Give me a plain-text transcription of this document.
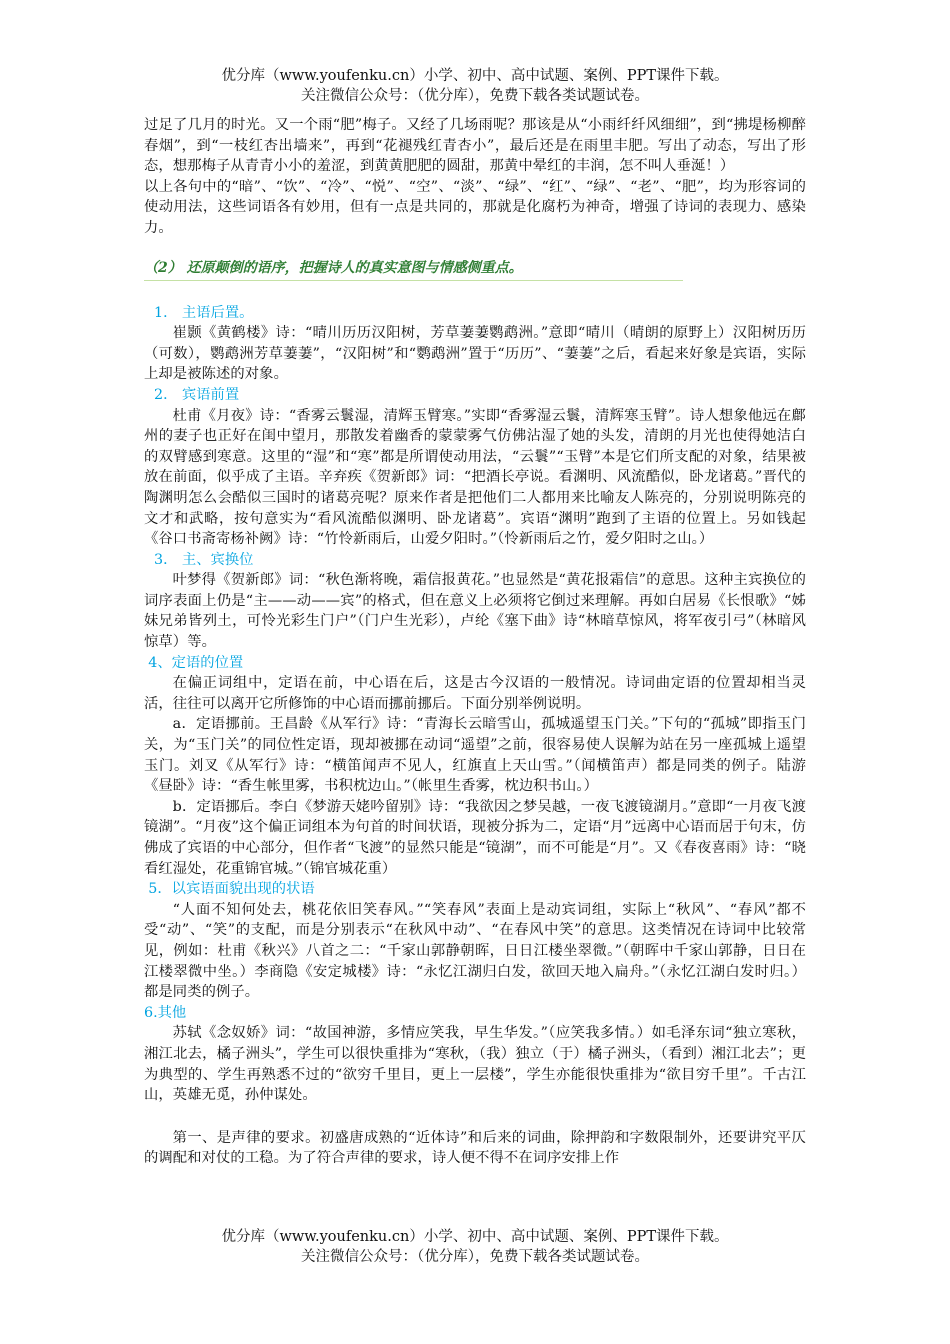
优分库（www.youfenku.cn）小学、初中、高中试题、案例、PPT课件下载。
关注微信公众号：（优分库），免费下载各类试题试卷。

过足了几月的时光。又一个雨“肥”梅子。又经了几场雨呢？那该是从“小雨纤纤风细细”，到“拂堤杨柳醉春烟”，到“一枝红杏出墙来”，再到“花褪残红青杏小”，最后还是在雨里丰肥。写出了动态，写出了形态，想那梅子从青青小小的羞涩，到黄黄肥肥的圆甜，那黄中晕红的丰润，怎不叫人垂涎！）

以上各句中的“暗”、“饮”、“冷”、“悦”、“空”、“淡”、“绿”、“红”、“绿”、“老”、“肥”，均为形容词的使动用法，这些词语各有妙用，但有一点是共同的，那就是化腐朽为神奇，增强了诗词的表现力、感染力。

（2） 还原颠倒的语序，把握诗人的真实意图与情感侧重点。

1． 主语后置。

崔颢《黄鹤楼》诗：“晴川历历汉阳树，芳草萋萋鹦鹉洲。”意即“晴川（晴朗的原野上）汉阳树历历（可数），鹦鹉洲芳草萋萋”，“汉阳树”和“鹦鹉洲”置于“历历”、“萋萋”之后，看起来好象是宾语，实际上却是被陈述的对象。

2． 宾语前置

杜甫《月夜》诗：“香雾云鬟湿，清辉玉臂寒。”实即“香雾湿云鬟，清辉寒玉臂”。诗人想象他远在鄜州的妻子也正好在闺中望月，那散发着幽香的蒙蒙雾气仿佛沾湿了她的头发，清朗的月光也使得她洁白的双臂感到寒意。这里的“湿”和“寒”都是所谓使动用法，“云鬟”“玉臂”本是它们所支配的对象，结果被放在前面，似乎成了主语。辛弃疾《贺新郎》词：“把酒长亭说。看渊明、风流酷似，卧龙诸葛。”晋代的陶渊明怎么会酷似三国时的诸葛亮呢？原来作者是把他们二人都用来比喻友人陈亮的，分别说明陈亮的文才和武略，按句意实为“看风流酷似渊明、卧龙诸葛”。宾语“渊明”跑到了主语的位置上。另如钱起《谷口书斋寄杨补阙》诗：“竹怜新雨后，山爱夕阳时。”（怜新雨后之竹，爱夕阳时之山。）

3． 主、宾换位

叶梦得《贺新郎》词：“秋色渐将晚，霜信报黄花。”也显然是“黄花报霜信”的意思。这种主宾换位的词序表面上仍是“主——动——宾”的格式，但在意义上必须将它倒过来理解。再如白居易《长恨歌》“姊妹兄弟皆列土，可怜光彩生门户”（门户生光彩），卢纶《塞下曲》诗“林暗草惊风，将军夜引弓”（林暗风惊草）等。

4、定语的位置

在偏正词组中，定语在前，中心语在后，这是古今汉语的一般情况。诗词曲定语的位置却相当灵活，往往可以离开它所修饰的中心语而挪前挪后。下面分别举例说明。

a．定语挪前。王昌龄《从军行》诗：“青海长云暗雪山，孤城遥望玉门关。”下句的“孤城”即指玉门关，为“玉门关”的同位性定语，现却被挪在动词“遥望”之前，很容易使人误解为站在另一座孤城上遥望玉门。刘叉《从军行》诗：“横笛闻声不见人，红旗直上天山雪。”（闻横笛声）都是同类的例子。陆游《昼卧》诗：“香生帐里雾，书积枕边山。”（帐里生香雾，枕边积书山。）

b．定语挪后。李白《梦游天姥吟留别》诗：“我欲因之梦吴越，一夜飞渡镜湖月。”意即“一月夜飞渡镜湖”。“月夜”这个偏正词组本为句首的时间状语，现被分拆为二，定语“月”远离中心语而居于句末，仿佛成了宾语的中心部分，但作者“飞渡”的显然只能是“镜湖”，而不可能是“月”。又《春夜喜雨》诗：“晓看红湿处，花重锦官城。”（锦官城花重）

5．以宾语面貌出现的状语

“人面不知何处去，桃花依旧笑春风。”“笑春风”表面上是动宾词组，实际上“秋风”、“春风”都不受“动”、“笑”的支配，而是分别表示“在秋风中动”、“在春风中笑”的意思。这类情况在诗词中比较常见，例如：杜甫《秋兴》八首之二：“千家山郭静朝晖，日日江楼坐翠微。”（朝晖中千家山郭静，日日在江楼翠微中坐。）李商隐《安定城楼》诗：“永忆江湖归白发，欲回天地入扁舟。”（永忆江湖白发时归。）都是同类的例子。

6.其他

苏轼《念奴娇》词：“故国神游，多情应笑我，早生华发。”（应笑我多情。）如毛泽东词“独立寒秋，湘江北去，橘子洲头”，学生可以很快重排为“寒秋，（我）独立（于）橘子洲头，（看到）湘江北去”；更为典型的、学生再熟悉不过的“欲穷千里目，更上一层楼”，学生亦能很快重排为“欲目穷千里”。千古江山，英雄无觅，孙仲谋处。

第一、是声律的要求。初盛唐成熟的“近体诗”和后来的词曲，除押韵和字数限制外，还要讲究平仄的调配和对仗的工稳。为了符合声律的要求，诗人便不得不在词序安排上作

优分库（www.youfenku.cn）小学、初中、高中试题、案例、PPT课件下载。
关注微信公众号：（优分库），免费下载各类试题试卷。
